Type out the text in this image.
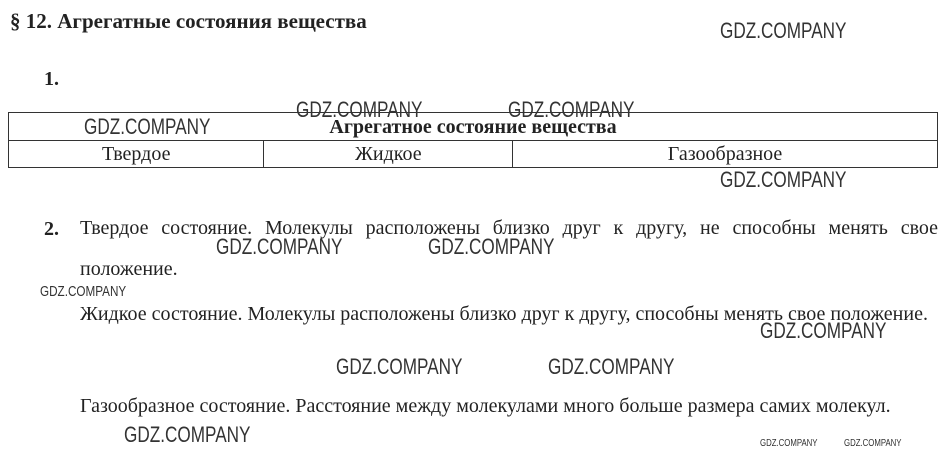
§ 12. Агрегатные состояния вещества
1.
Агрегатное состояние вещества
Твердое	Жидкое	Газообразное
2. Твердое состояние. Молекулы расположены близко друг к другу, не способны менять свое положение.

Жидкое состояние. Молекулы расположены близко друг к другу, способны менять свое положение.

Газообразное состояние. Расстояние между молекулами много больше размера самих молекул.

GDZ.COMPANY
GDZ.COMPANY	GDZ.COMPANY
GDZ.COMPANY
GDZ.COMPANY
GDZ.COMPANY	GDZ.COMPANY
GDZ.COMPANY
GDZ.COMPANY
GDZ.COMPANY	GDZ.COMPANY
GDZ.COMPANY	GDZ.COMPANY	GDZ.COMPANY
